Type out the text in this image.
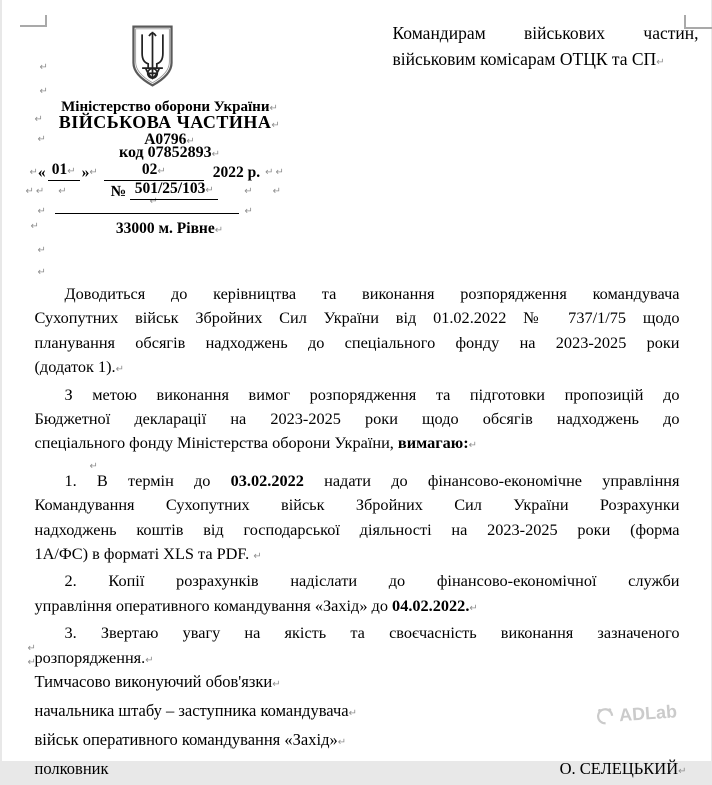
Командирам військових частин,
військовим комісарам ОТЦК та СП↵
↵
↵
↵
↵
↵
↵	↵
↵
↵
↵
↵
↵
Міністерство оборони України↵
ВІЙСЬКОВА ЧАСТИНА↵
А0796↵
код 07852893↵
↵ « 01↵ » ↵	02↵	2022 р. ↵ ↵
↵ ↵ ↵	№ 501/25/103↵	↵ ↵
33000 м. Рівне↵
Доводиться до керівництва та виконання розпорядження командувача
Сухопутних військ Збройних Сил України від 01.02.2022 № 737/1/75 щодо
планування обсягів надходжень до спеціального фонду на 2023-2025 роки
(додаток 1).↵
З метою виконання вимог розпорядження та підготовки пропозицій до
Бюджетної декларації на 2023-2025 роки щодо обсягів надходжень до
спеціального фонду Міністерства оборони України, вимагаю:↵
↵
1. В термін до 03.02.2022 надати до фінансово-економічне управління
Командування Сухопутних військ Збройних Сил України Розрахунки
надходжень коштів від господарської діяльності на 2023-2025 роки (форма
1А/ФС) в форматі XLS та PDF. ↵
2. Копії розрахунків надіслати до фінансово-економічної служби
управління оперативного командування «Захід» до 04.02.2022.↵
3. Звертаю увагу на якість та своєчасність виконання зазначеного
розпорядження.↵
Тимчасово виконуючий обов'язки↵
начальника штабу – заступника командувача↵
військ оперативного командування «Захід»↵
полковник	О. СЕЛЕЦЬКИЙ↵
ADLab
